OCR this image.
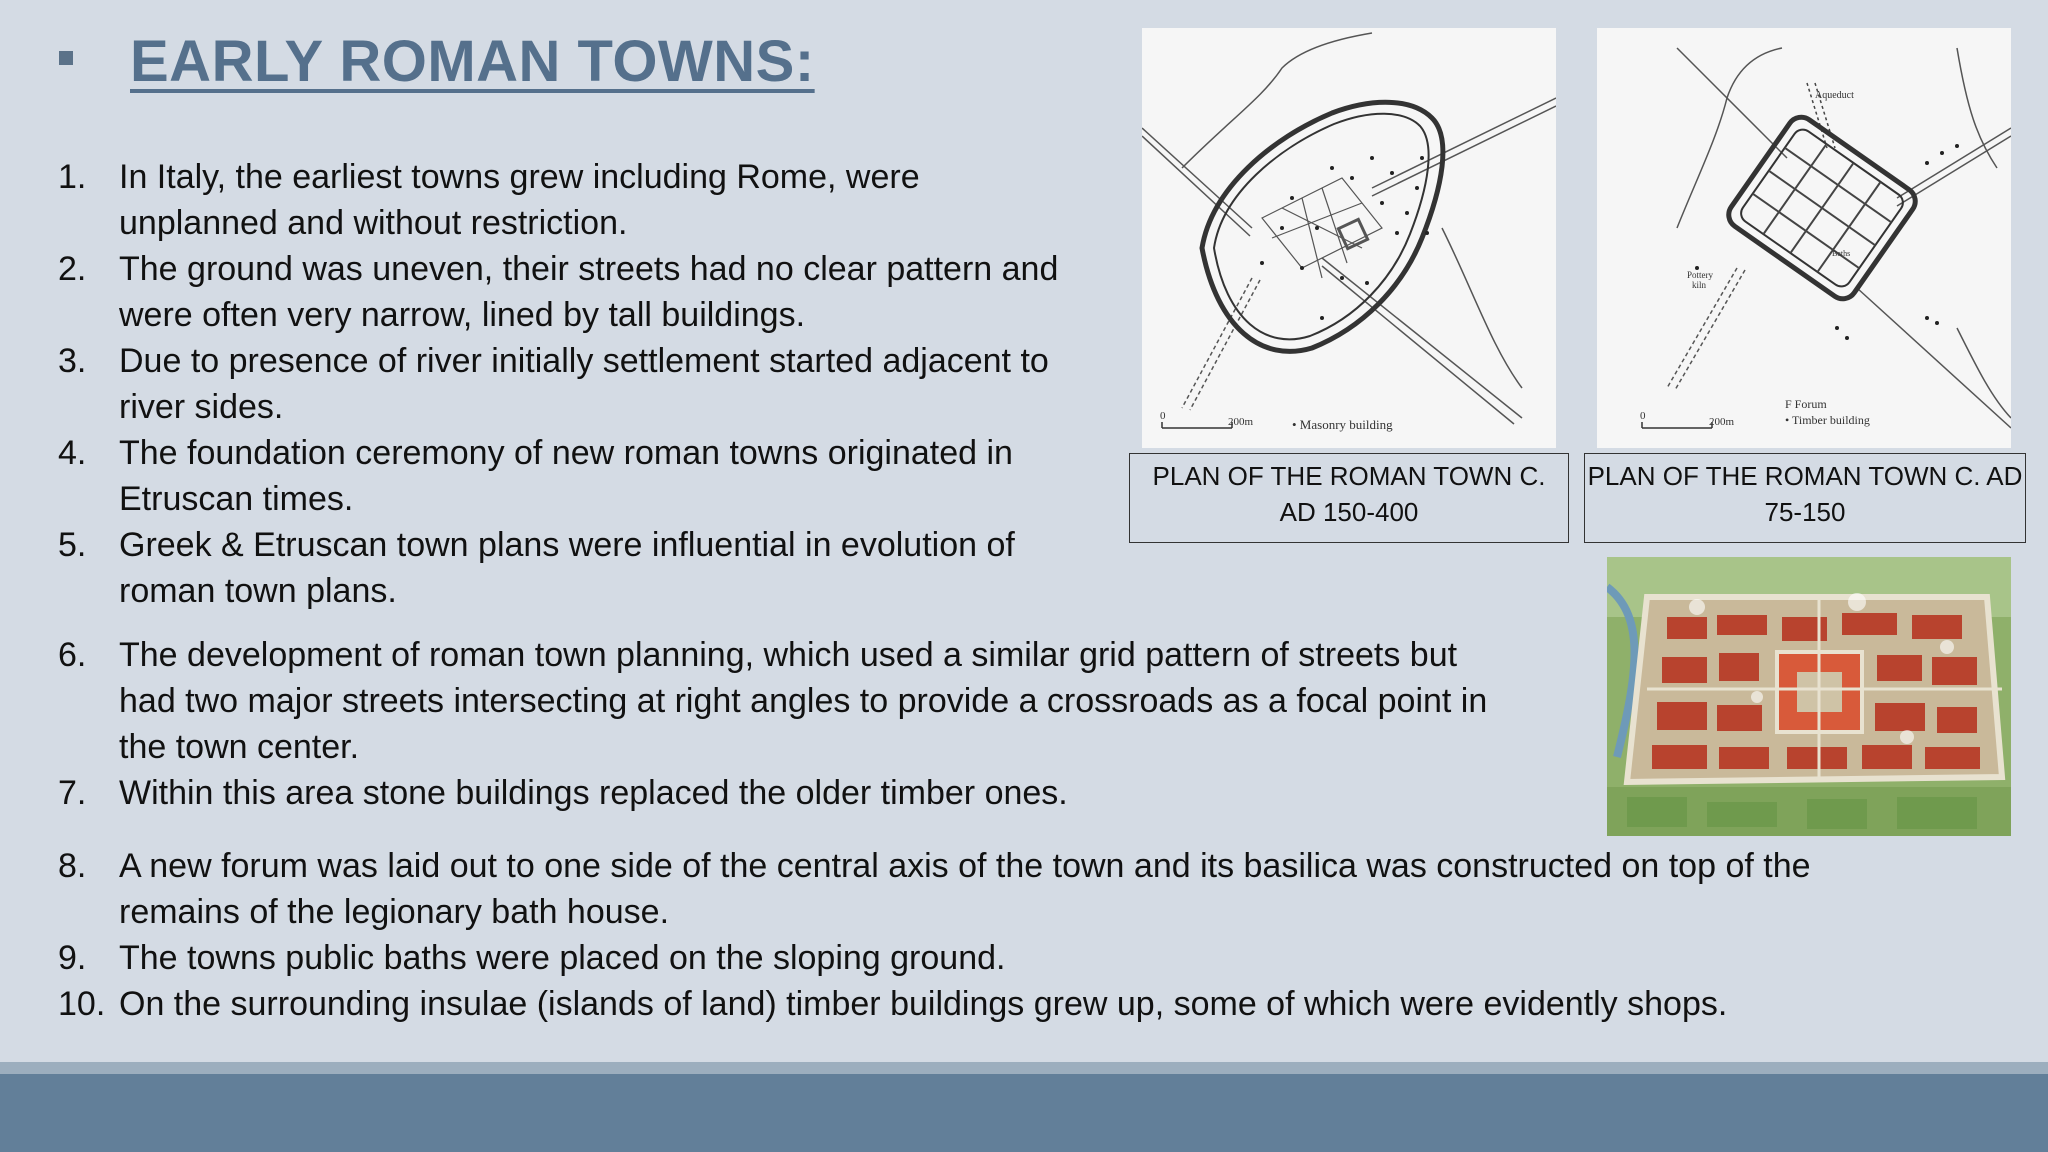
EARLY ROMAN TOWNS:
1. In Italy, the earliest towns grew including Rome, were
unplanned and without restriction.
2. The ground was uneven, their streets had no clear pattern and
were often very narrow, lined by tall buildings.
3. Due to presence of river initially settlement started adjacent to
river sides.
4. The foundation ceremony of new roman towns originated in
Etruscan times.
5. Greek & Etruscan town plans were influential in evolution of
roman town plans.
6. The development of roman town planning, which used a similar grid pattern of streets but
had two major streets intersecting at right angles to provide a crossroads as a focal point in
the town center.
7. Within this area stone buildings replaced the older timber ones.
8. A new forum was laid out to one side of the central axis of the town and its basilica was constructed on top of the
remains of the legionary bath house.
9. The towns public baths were placed on the sloping ground.
10. On the surrounding insulae (islands of land) timber buildings grew up, some of which were evidently shops.
0	200m	• Masonry building
PLAN OF THE ROMAN TOWN C.
AD 150-400
Aqueduct
Pottery
kiln
Baths
0	200m
F Forum
• Timber building
PLAN OF THE ROMAN TOWN C. AD
75-150
